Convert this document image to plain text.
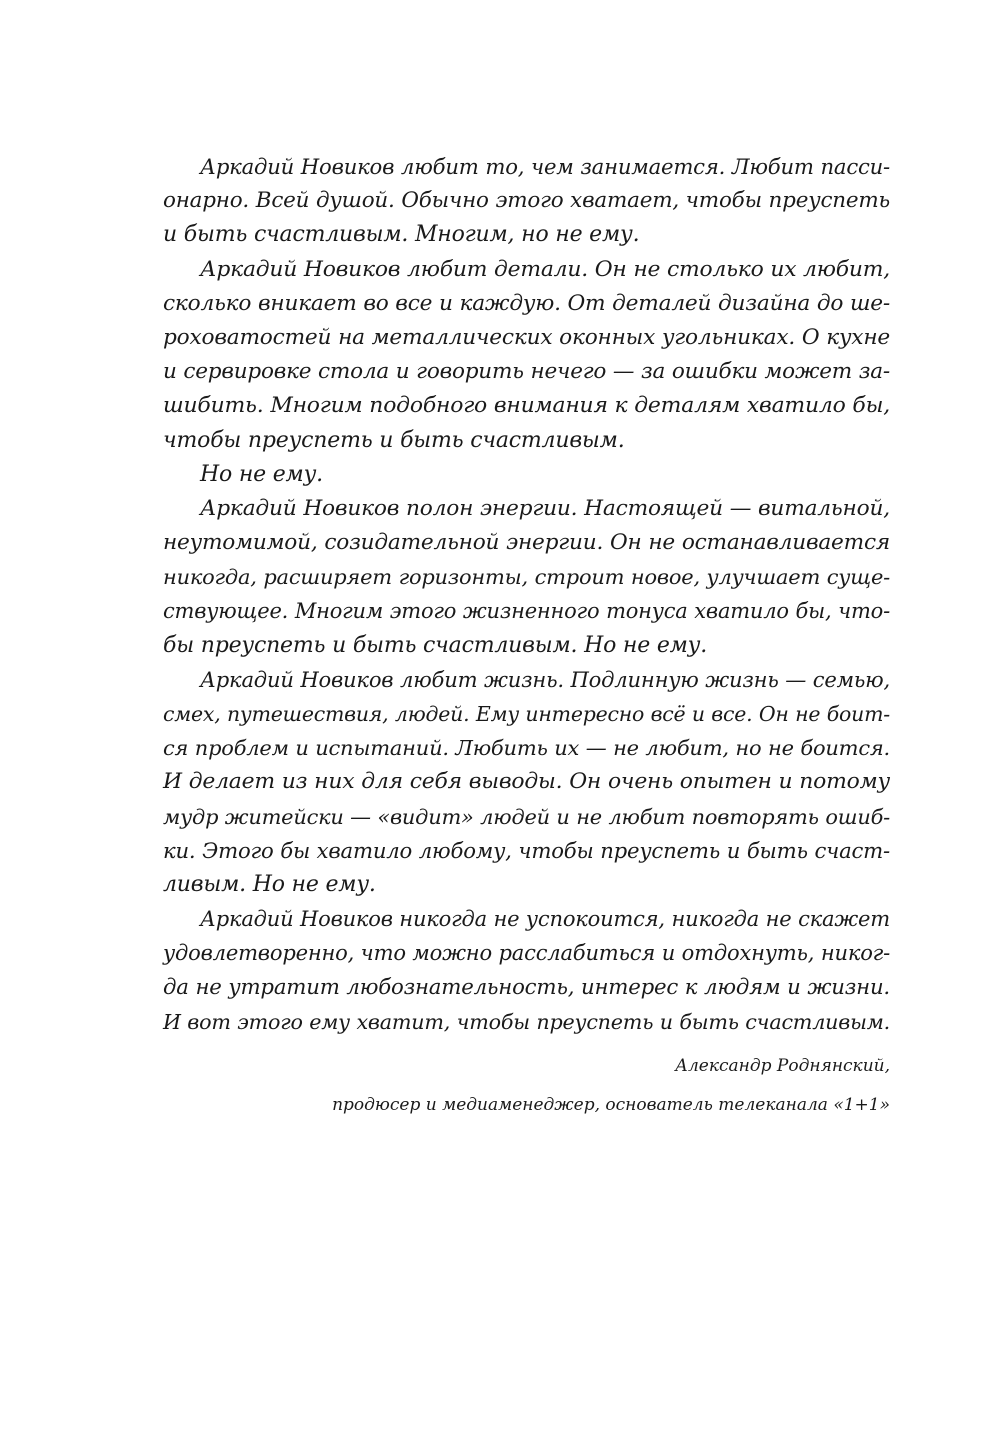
Аркадий Новиков любит то, чем занимается. Любит пасси-
онарно. Всей душой. Обычно этого хватает, чтобы преуспеть
и быть счастливым. Многим, но не ему.
Аркадий Новиков любит детали. Он не столько их любит,
сколько вникает во все и каждую. От деталей дизайна до ше-
роховатостей на металлических оконных угольниках. О кухне
и сервировке стола и говорить нечего — за ошибки может за-
шибить. Многим подобного внимания к деталям хватило бы,
чтобы преуспеть и быть счастливым.
Но не ему.
Аркадий Новиков полон энергии. Настоящей — витальной,
неутомимой, созидательной энергии. Он не останавливается
никогда, расширяет горизонты, строит новое, улучшает суще-
ствующее. Многим этого жизненного тонуса хватило бы, что-
бы преуспеть и быть счастливым. Но не ему.
Аркадий Новиков любит жизнь. Подлинную жизнь — семью,
смех, путешествия, людей. Ему интересно всё и все. Он не боит-
ся проблем и испытаний. Любить их — не любит, но не боится.
И делает из них для себя выводы. Он очень опытен и потому
мудр житейски — «видит» людей и не любит повторять ошиб-
ки. Этого бы хватило любому, чтобы преуспеть и быть счаст-
ливым. Но не ему.
Аркадий Новиков никогда не успокоится, никогда не скажет
удовлетворенно, что можно расслабиться и отдохнуть, никог-
да не утратит любознательность, интерес к людям и жизни.
И вот этого ему хватит, чтобы преуспеть и быть счастливым.
Александр Роднянский,
продюсер и медиаменеджер, основатель телеканала «1+1»
